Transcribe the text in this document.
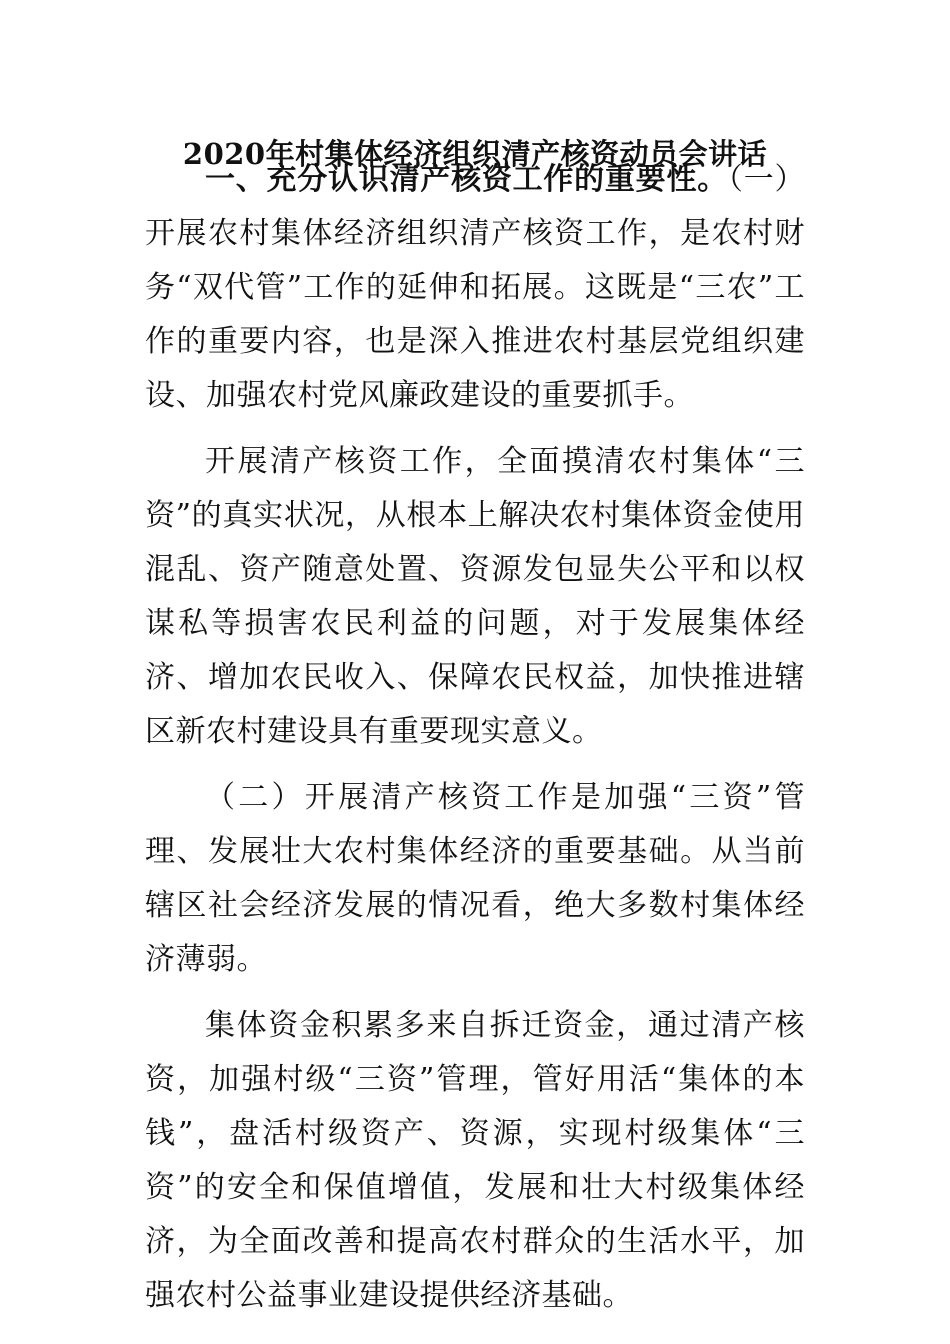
2020年村集体经济组织清产核资动员会讲话

一、充分认识清产核资工作的重要性。（一）开展农村集体经济组织清产核资工作，是农村财务“双代管”工作的延伸和拓展。这既是“三农”工作的重要内容，也是深入推进农村基层党组织建设、加强农村党风廉政建设的重要抓手。

开展清产核资工作，全面摸清农村集体“三资”的真实状况，从根本上解决农村集体资金使用混乱、资产随意处置、资源发包显失公平和以权谋私等损害农民利益的问题，对于发展集体经济、增加农民收入、保障农民权益，加快推进辖区新农村建设具有重要现实意义。

（二）开展清产核资工作是加强“三资”管理、发展壮大农村集体经济的重要基础。从当前辖区社会经济发展的情况看，绝大多数村集体经济薄弱。

集体资金积累多来自拆迁资金，通过清产核资，加强村级“三资”管理，管好用活“集体的本钱”，盘活村级资产、资源，实现村级集体“三资”的安全和保值增值，发展和壮大村级集体经济，为全面改善和提高农村群众的生活水平，加强农村公益事业建设提供经济基础。
